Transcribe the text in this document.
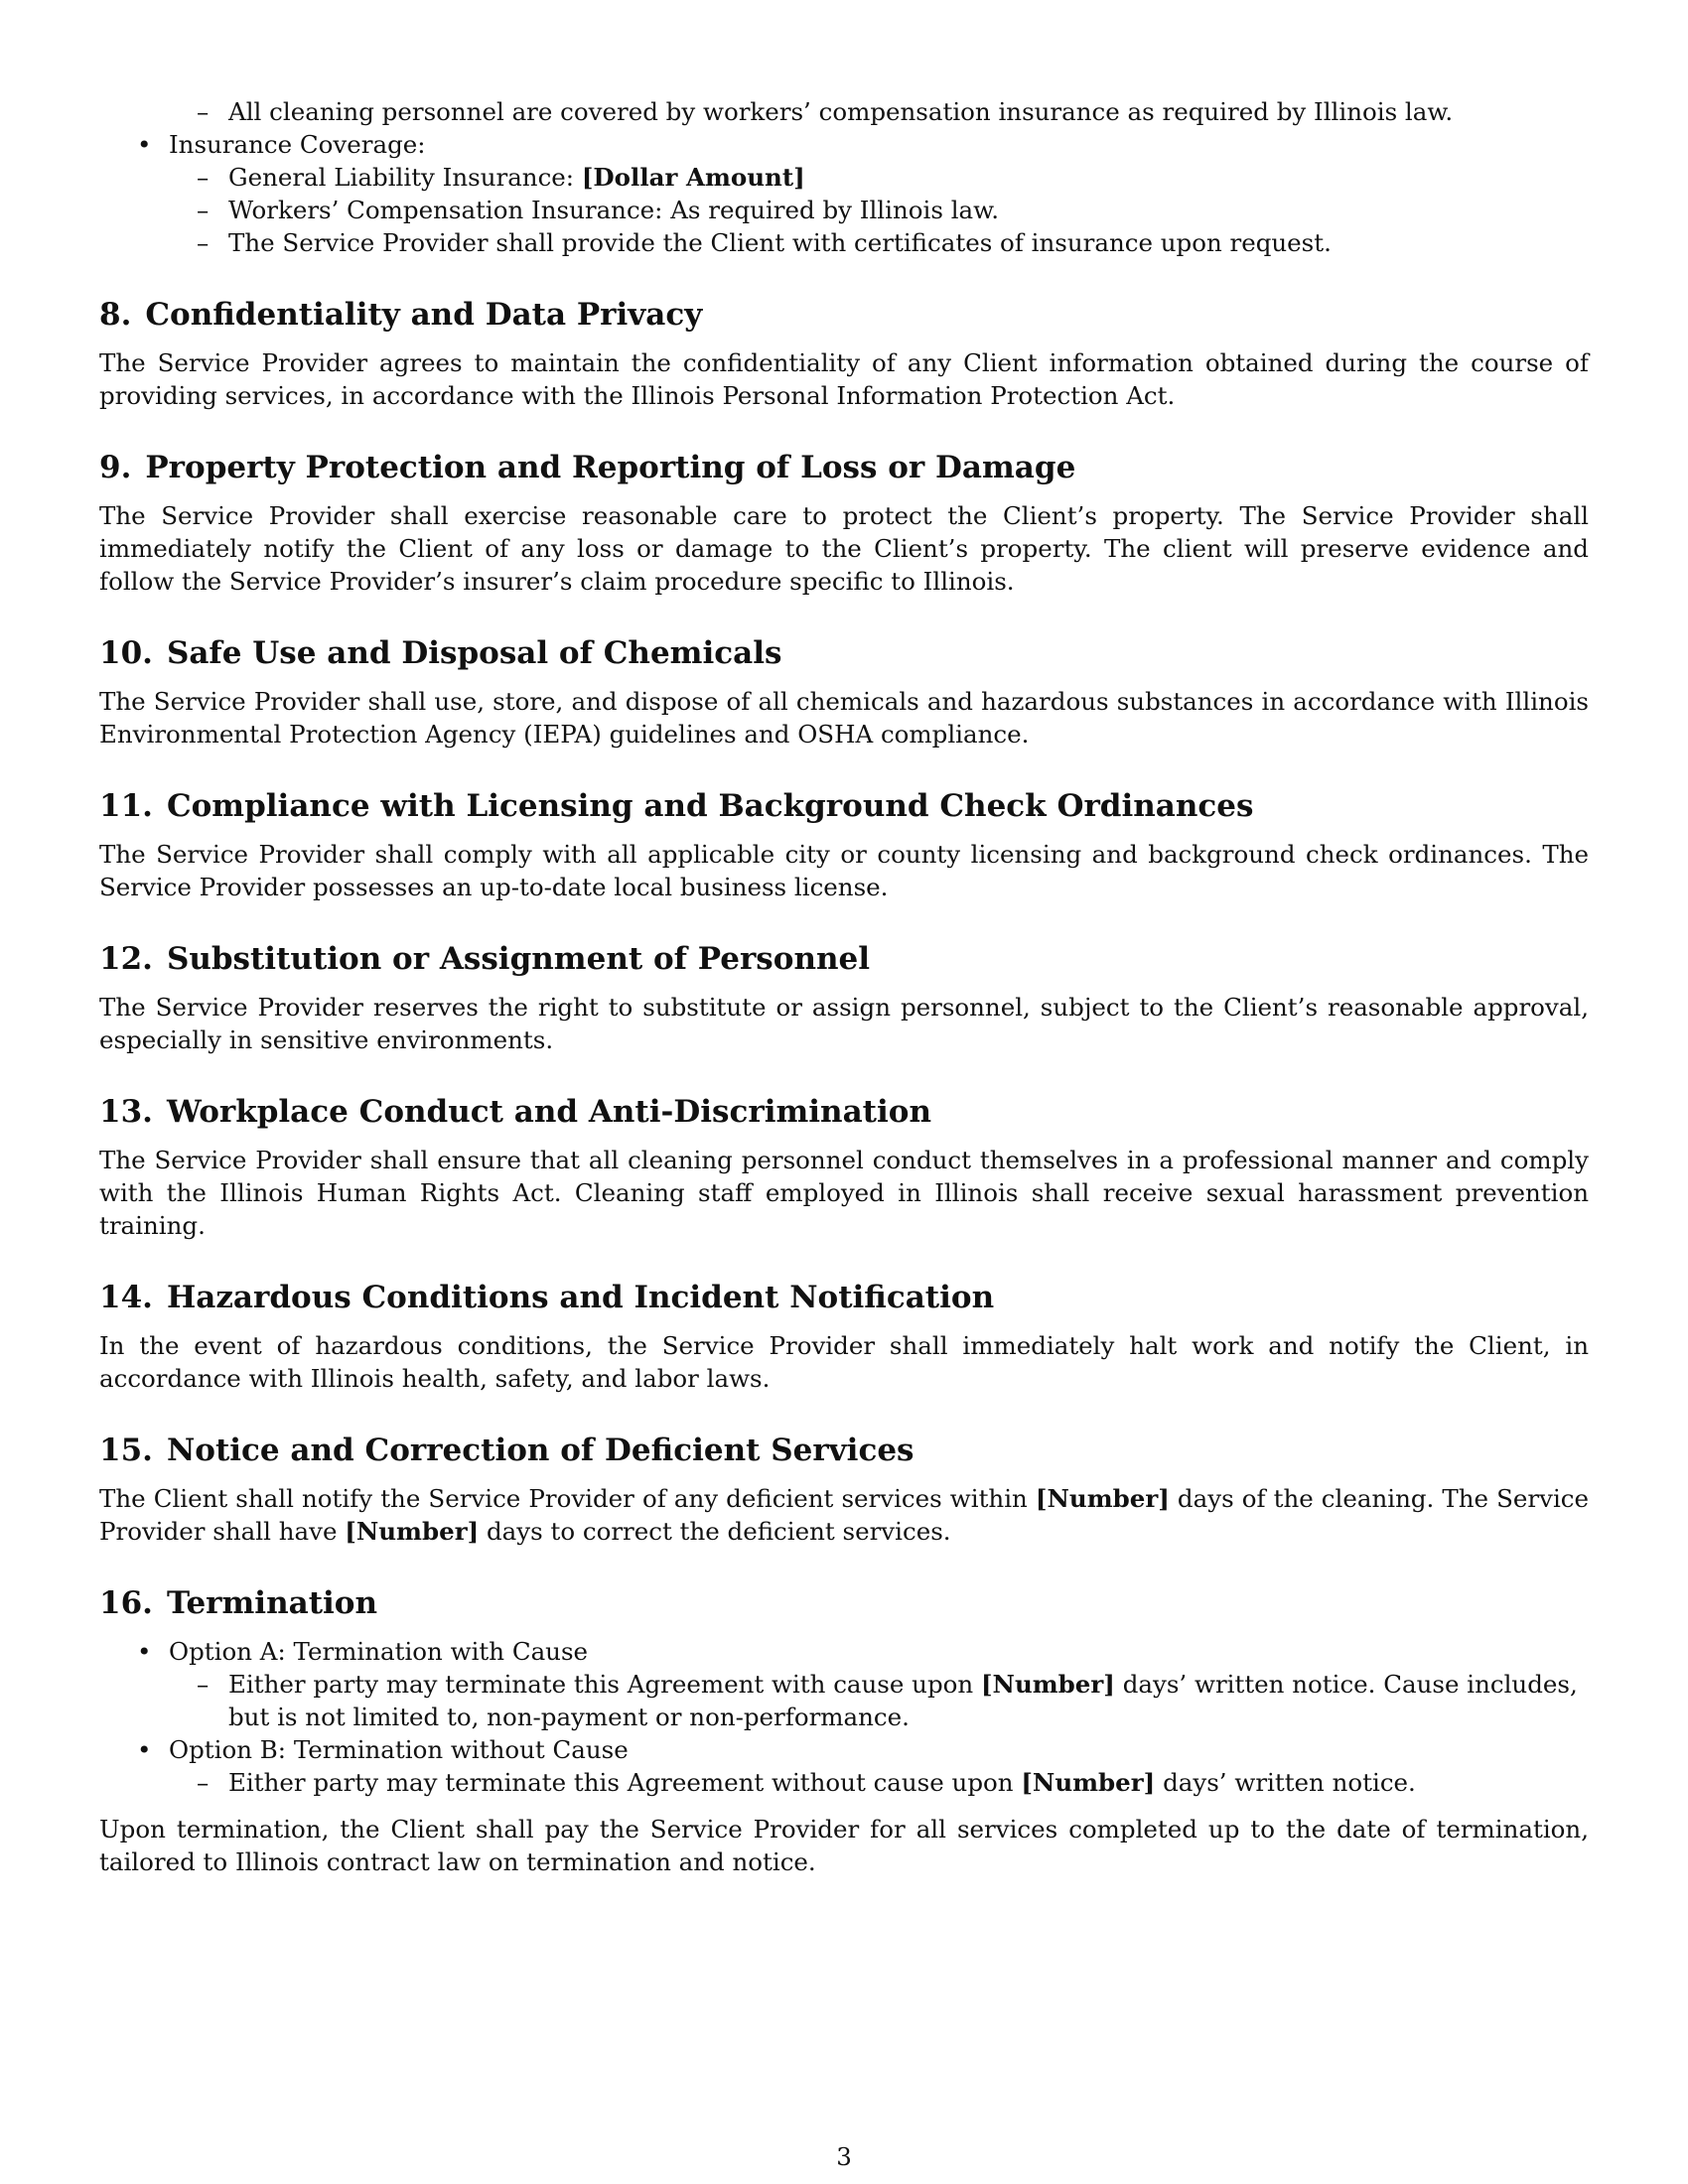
– All cleaning personnel are covered by workers’ compensation insurance as required by Illinois law.
• Insurance Coverage:
– General Liability Insurance: [Dollar Amount]
– Workers’ Compensation Insurance: As required by Illinois law.
– The Service Provider shall provide the Client with certificates of insurance upon request.
8. Confidentiality and Data Privacy

The Service Provider agrees to maintain the confidentiality of any Client information obtained during the course of providing services, in accordance with the Illinois Personal Information Protection Act.

9. Property Protection and Reporting of Loss or Damage

The Service Provider shall exercise reasonable care to protect the Client’s property. The Service Provider shall immediately notify the Client of any loss or damage to the Client’s property. The client will preserve evidence and follow the Service Provider’s insurer’s claim procedure specific to Illinois.

10. Safe Use and Disposal of Chemicals

The Service Provider shall use, store, and dispose of all chemicals and hazardous substances in accordance with Illinois Environmental Protection Agency (IEPA) guidelines and OSHA compliance.

11. Compliance with Licensing and Background Check Ordinances

The Service Provider shall comply with all applicable city or county licensing and background check ordinances. The Service Provider possesses an up-to-date local business license.

12. Substitution or Assignment of Personnel

The Service Provider reserves the right to substitute or assign personnel, subject to the Client’s reasonable approval, especially in sensitive environments.

13. Workplace Conduct and Anti-Discrimination

The Service Provider shall ensure that all cleaning personnel conduct themselves in a professional manner and comply with the Illinois Human Rights Act. Cleaning staff employed in Illinois shall receive sexual harassment prevention training.

14. Hazardous Conditions and Incident Notification

In the event of hazardous conditions, the Service Provider shall immediately halt work and notify the Client, in accordance with Illinois health, safety, and labor laws.

15. Notice and Correction of Deficient Services

The Client shall notify the Service Provider of any deficient services within [Number] days of the cleaning. The Service Provider shall have [Number] days to correct the deficient services.

16. Termination
• Option A: Termination with Cause
– Either party may terminate this Agreement with cause upon [Number] days’ written notice. Cause includes, but is not limited to, non-payment or non-performance.
• Option B: Termination without Cause
– Either party may terminate this Agreement without cause upon [Number] days’ written notice.

Upon termination, the Client shall pay the Service Provider for all services completed up to the date of termination, tailored to Illinois contract law on termination and notice.

3
